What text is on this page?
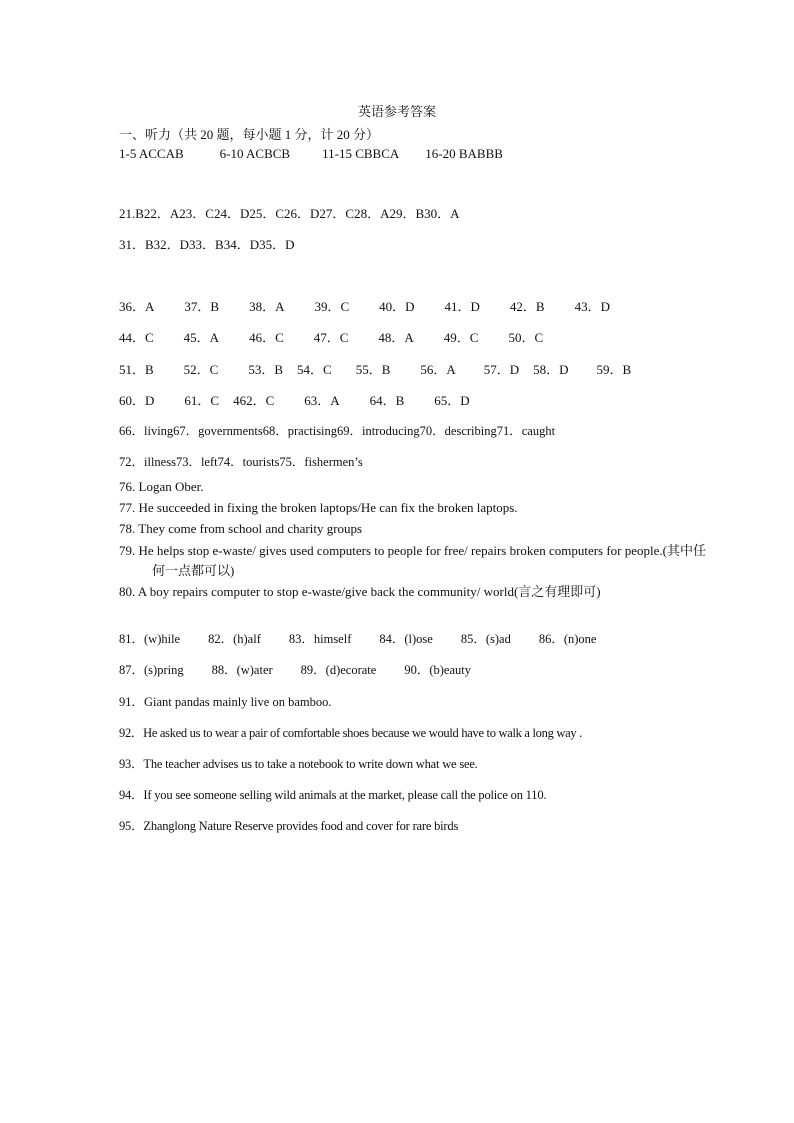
英语参考答案
一、听力（共 20 题，每小题 1 分，计 20 分）
1-5 ACCAB	6-10 ACBCB 11-15 CBBCA 16-20 BABBB
21.B22．A23．C24．D25．C26．D27．C28．A29．B30．A
31．B32．D33．B34．D35．D
36．A 37．B 38．A 39．C 40．D 41．D 42．B 43．D
44．C 45．A 46．C 47．C 48．A 49．C 50．C
51．B 52．C 53．B 54．C 55．B 56．A 57．D 58．D 59．B
60．D 61．C 462．C 63．A 64．B 65．D
66．living67．governments68．practising69．introducing70．describing71．caught
72．illness73．left74．tourists75．fishermen’s
76. Logan Ober.
77. He succeeded in fixing the broken laptops/He can fix the broken laptops.
78. They come from school and charity groups
79. He helps stop e-waste/ gives used computers to people for free/ repairs broken computers for people.(其中任何一点都可以)
80. A boy repairs computer to stop e-waste/give back the community/ world(言之有理即可)
81．(w)hile 82．(h)alf 83．himself 84．(l)ose 85．(s)ad 86．(n)one
87．(s)pring 88．(w)ater 89．(d)ecorate 90．(b)eauty
91．Giant pandas mainly live on bamboo.
92．He asked us to wear a pair of comfortable shoes because we would have to walk a long way .
93．The teacher advises us to take a notebook to write down what we see.
94．If you see someone selling wild animals at the market, please call the police on 110.
95．Zhanglong Nature Reserve provides food and cover for rare birds
